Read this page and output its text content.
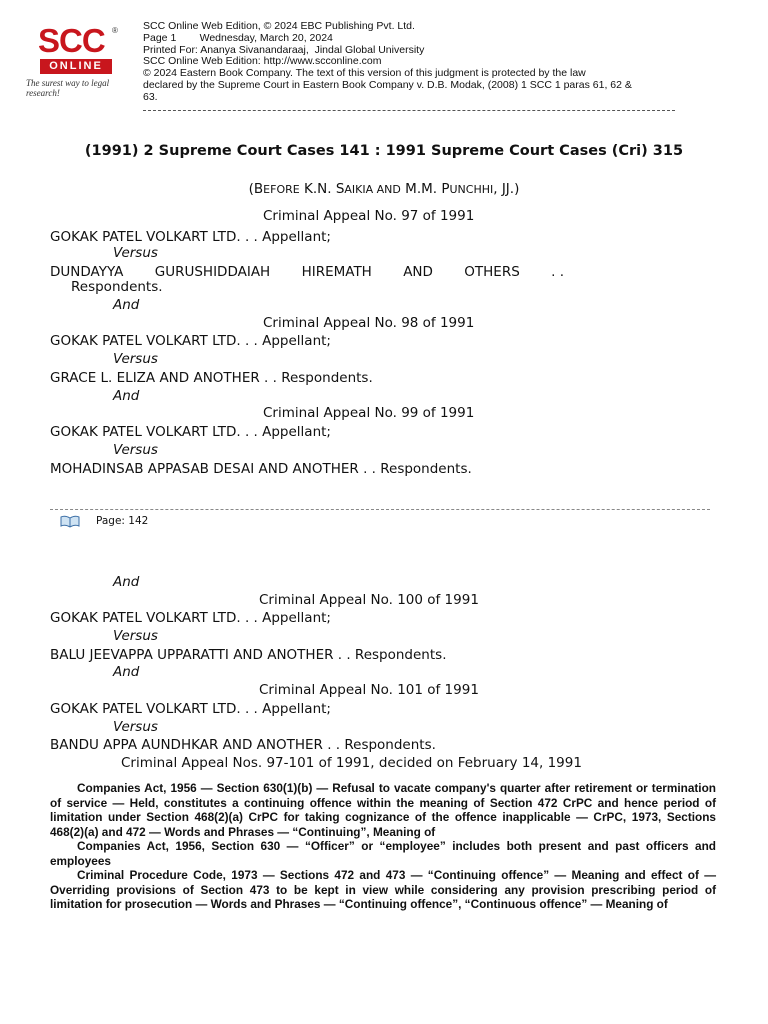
SCC ®
ONLINE
The surest way to legal research!
SCC Online Web Edition, © 2024 EBC Publishing Pvt. Ltd.
Page 1        Wednesday, March 20, 2024
Printed For: Ananya Sivanandaraaj,  Jindal Global University
SCC Online Web Edition: http://www.scconline.com
© 2024 Eastern Book Company. The text of this version of this judgment is protected by the law
declared by the Supreme Court in Eastern Book Company v. D.B. Modak, (2008) 1 SCC 1 paras 61, 62 &
63.
(1991) 2 Supreme Court Cases 141 : 1991 Supreme Court Cases (Cri) 315
(BEFORE K.N. SAIKIA AND M.M. PUNCHHI, JJ.)
Criminal Appeal No. 97 of 1991
GOKAK PATEL VOLKART LTD. . . Appellant;
Versus
DUNDAYYA GURUSHIDDAIAH HIREMATH AND OTHERS . .
Respondents.
And
Criminal Appeal No. 98 of 1991
GOKAK PATEL VOLKART LTD. . . Appellant;
Versus
GRACE L. ELIZA AND ANOTHER . . Respondents.
And
Criminal Appeal No. 99 of 1991
GOKAK PATEL VOLKART LTD. . . Appellant;
Versus
MOHADINSAB APPASAB DESAI AND ANOTHER . . Respondents.
Page: 142
And
Criminal Appeal No. 100 of 1991
GOKAK PATEL VOLKART LTD. . . Appellant;
Versus
BALU JEEVAPPA UPPARATTI AND ANOTHER . . Respondents.
And
Criminal Appeal No. 101 of 1991
GOKAK PATEL VOLKART LTD. . . Appellant;
Versus
BANDU APPA AUNDHKAR AND ANOTHER . . Respondents.
Criminal Appeal Nos. 97-101 of 1991, decided on February 14, 1991

Companies Act, 1956 — Section 630(1)(b) — Refusal to vacate company's quarter after retirement or termination of service — Held, constitutes a continuing offence within the meaning of Section 472 CrPC and hence period of limitation under Section 468(2)(a) CrPC for taking cognizance of the offence inapplicable — CrPC, 1973, Sections 468(2)(a) and 472 — Words and Phrases — “Continuing”, Meaning of

Companies Act, 1956, Section 630 — “Officer” or “employee” includes both present and past officers and employees

Criminal Procedure Code, 1973 — Sections 472 and 473 — “Continuing offence” — Meaning and effect of — Overriding provisions of Section 473 to be kept in view while considering any provision prescribing period of limitation for prosecution — Words and Phrases — “Continuing offence”, “Continuous offence” — Meaning of
